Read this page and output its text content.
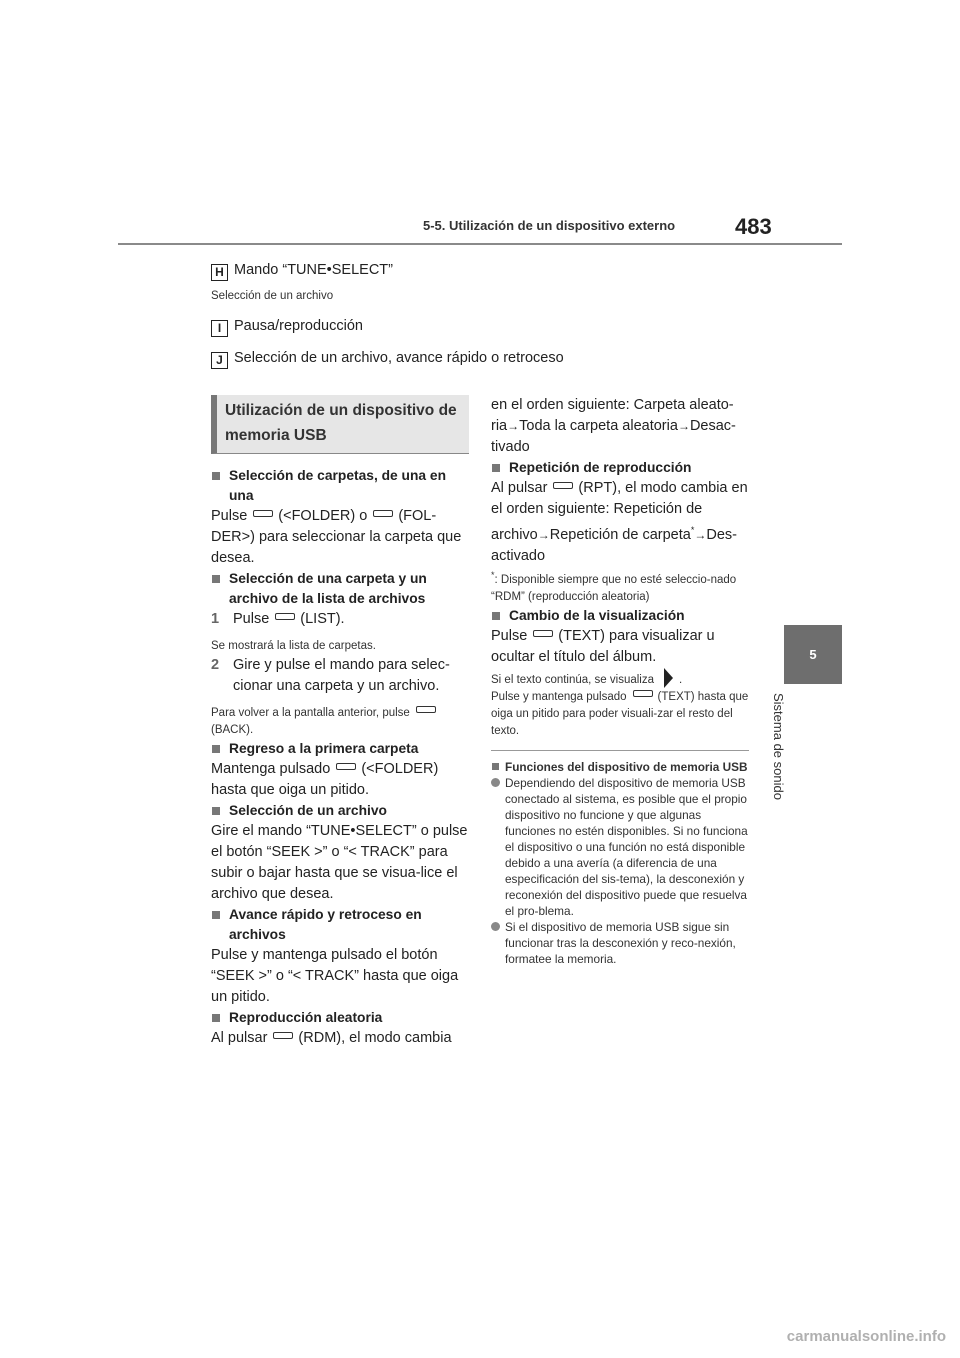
5-5. Utilización de un dispositivo externo	483
5
Sistema de sonido
H Mando “TUNE•SELECT”
Selección de un archivo
I Pausa/reproducción
J Selección de un archivo, avance rápido o retroceso
Utilización de un dispositivo de memoria USB

Selección de carpetas, de una en una

Pulse (<FOLDER) o (FOL-DER>) para seleccionar la carpeta que desea.

Selección de una carpeta y un archivo de la lista de archivos

1 Pulse (LIST).

Se mostrará la lista de carpetas.

2 Gire y pulse el mando para selec-cionar una carpeta y un archivo.

Para volver a la pantalla anterior, pulse
(BACK).

Regreso a la primera carpeta

Mantenga pulsado (<FOLDER) hasta que oiga un pitido.

Selección de un archivo

Gire el mando “TUNE•SELECT” o pulse el botón “SEEK >” o “< TRACK” para subir o bajar hasta que se visua-lice el archivo que desea.

Avance rápido y retroceso en archivos

Pulse y mantenga pulsado el botón “SEEK >” o “< TRACK” hasta que oiga un pitido.

Reproducción aleatoria

Al pulsar (RDM), el modo cambia

en el orden siguiente: Carpeta aleato-ria→Toda la carpeta aleatoria→Desac-tivado

Repetición de reproducción

Al pulsar (RPT), el modo cambia en el orden siguiente: Repetición de archivo→Repetición de carpeta*→Des-activado

*: Disponible siempre que no esté seleccio-nado “RDM” (reproducción aleatoria)

Cambio de la visualización

Pulse (TEXT) para visualizar u ocultar el título del álbum.

Si el texto continúa, se visualiza .

Pulse y mantenga pulsado	(TEXT) hasta que oiga un pitido para poder visuali-zar el resto del texto.

Funciones del dispositivo de memoria USB

Dependiendo del dispositivo de memoria USB conectado al sistema, es posible que el propio dispositivo no funcione y que algunas funciones no estén disponibles. Si no funciona el dispositivo o una función no está disponible debido a una avería (a diferencia de una especificación del sis-tema), la desconexión y reconexión del dispositivo puede que resuelva el pro-blema.

Si el dispositivo de memoria USB sigue sin funcionar tras la desconexión y reco-nexión, formatee la memoria.

carmanualsonline.info
